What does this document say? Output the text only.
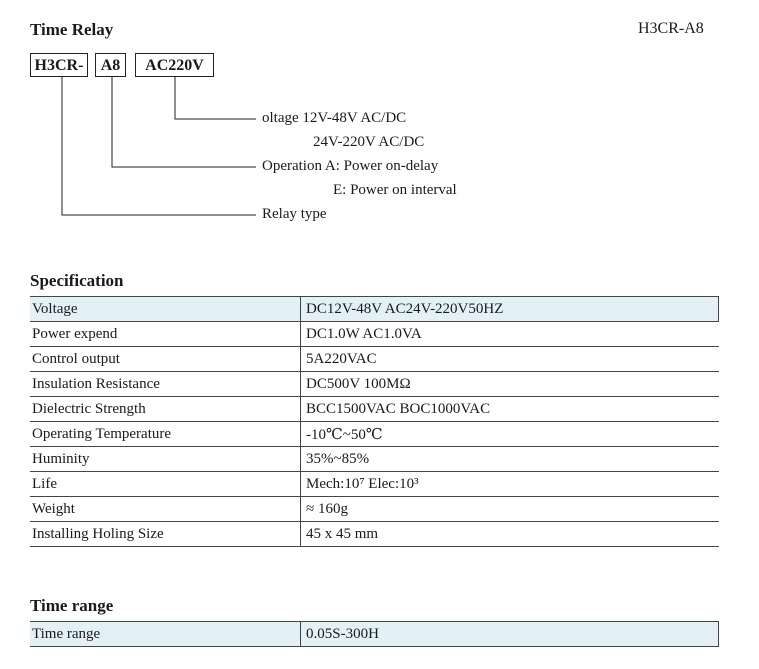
Time Relay	H3CR-A8
H3CR-	A8	AC220V
oltage 12V-48V AC/DC
24V-220V AC/DC
Operation A: Power on-delay
E: Power on interval
Relay type
Specification
Voltage	DC12V-48V AC24V-220V50HZ
Power expend	DC1.0W AC1.0VA
Control output	5A220VAC
Insulation Resistance	DC500V 100MΩ
Dielectric Strength	BCC1500VAC BOC1000VAC
Operating Temperature	-10℃~50℃
Huminity	35%~85%
Life	Mech:10⁷ Elec:10³
Weight	≈ 160g
Installing Holing Size	45 x 45 mm
Time range
Time range	0.05S-300H
